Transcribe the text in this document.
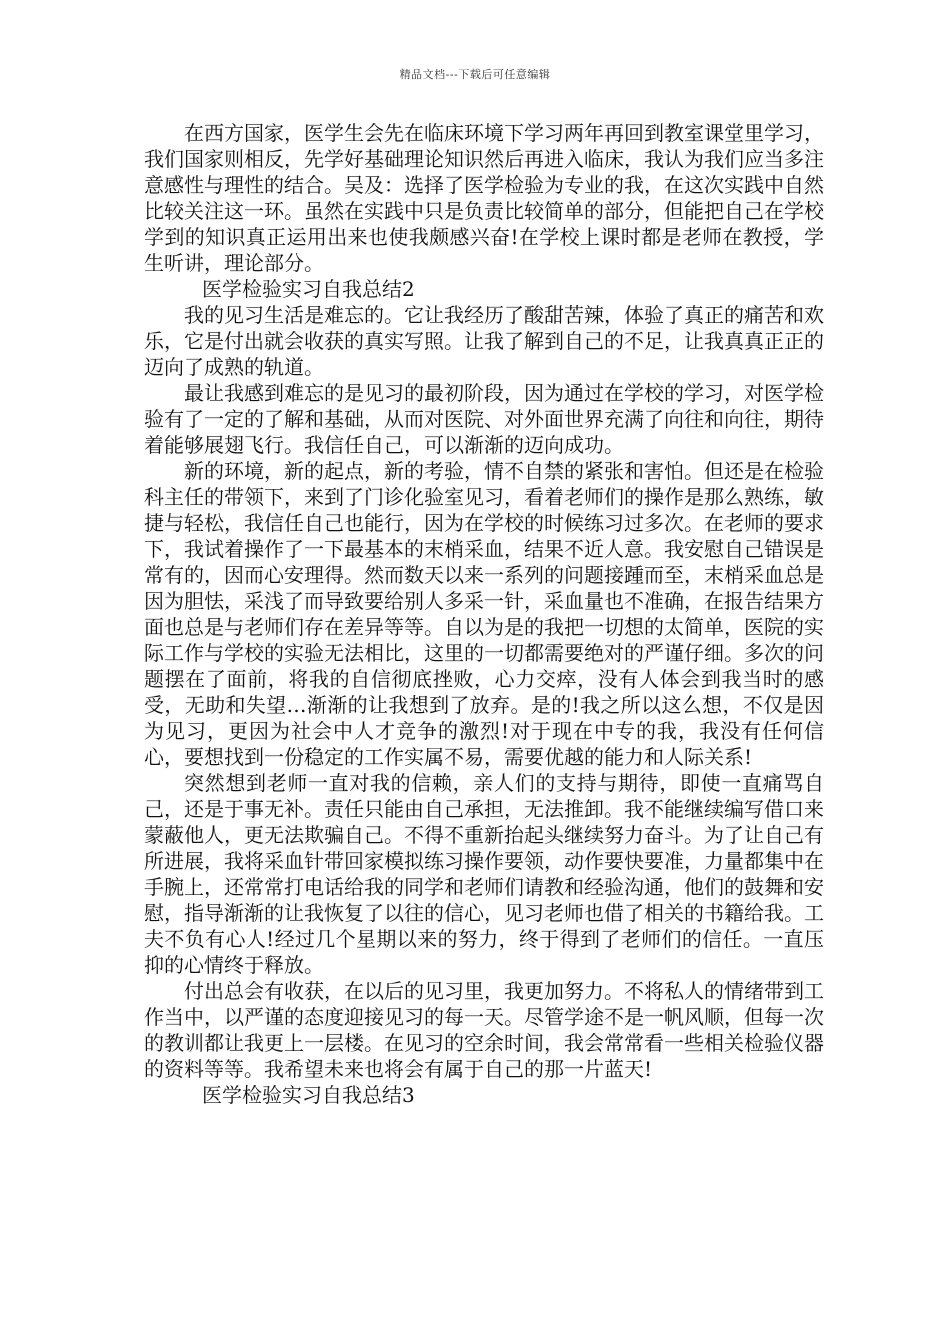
精品文档---下载后可任意编辑

在西方国家，医学生会先在临床环境下学习两年再回到教室课堂里学习，我们国家则相反，先学好基础理论知识然后再进入临床，我认为我们应当多注意感性与理性的结合。吴及：选择了医学检验为专业的我，在这次实践中自然比较关注这一环。虽然在实践中只是负责比较简单的部分，但能把自己在学校学到的知识真正运用出来也使我颇感兴奋!在学校上课时都是老师在教授，学生听讲，理论部分。

医学检验实习自我总结2

我的见习生活是难忘的。它让我经历了酸甜苦辣，体验了真正的痛苦和欢乐，它是付出就会收获的真实写照。让我了解到自己的不足，让我真真正正的迈向了成熟的轨道。

最让我感到难忘的是见习的最初阶段，因为通过在学校的学习，对医学检验有了一定的了解和基础，从而对医院、对外面世界充满了向往和向往，期待着能够展翅飞行。我信任自己，可以渐渐的迈向成功。

新的环境，新的起点，新的考验，情不自禁的紧张和害怕。但还是在检验科主任的带领下，来到了门诊化验室见习，看着老师们的操作是那么熟练，敏捷与轻松，我信任自己也能行，因为在学校的时候练习过多次。在老师的要求下，我试着操作了一下最基本的末梢采血，结果不近人意。我安慰自己错误是常有的，因而心安理得。然而数天以来一系列的问题接踵而至，末梢采血总是因为胆怯，采浅了而导致要给别人多采一针，采血量也不准确，在报告结果方面也总是与老师们存在差异等等。自以为是的我把一切想的太简单，医院的实际工作与学校的实验无法相比，这里的一切都需要绝对的严谨仔细。多次的问题摆在了面前，将我的自信彻底挫败，心力交瘁，没有人体会到我当时的感受，无助和失望…渐渐的让我想到了放弃。是的!我之所以这么想，不仅是因为见习，更因为社会中人才竞争的激烈!对于现在中专的我，我没有任何信心，要想找到一份稳定的工作实属不易，需要优越的能力和人际关系!

突然想到老师一直对我的信赖，亲人们的支持与期待，即使一直痛骂自己，还是于事无补。责任只能由自己承担，无法推卸。我不能继续编写借口来蒙蔽他人，更无法欺骗自己。不得不重新抬起头继续努力奋斗。为了让自己有所进展，我将采血针带回家模拟练习操作要领，动作要快要准，力量都集中在手腕上，还常常打电话给我的同学和老师们请教和经验沟通，他们的鼓舞和安慰，指导渐渐的让我恢复了以往的信心，见习老师也借了相关的书籍给我。工夫不负有心人!经过几个星期以来的努力，终于得到了老师们的信任。一直压抑的心情终于释放。

付出总会有收获，在以后的见习里，我更加努力。不将私人的情绪带到工作当中，以严谨的态度迎接见习的每一天。尽管学途不是一帆风顺，但每一次的教训都让我更上一层楼。在见习的空余时间，我会常常看一些相关检验仪器的资料等等。我希望未来也将会有属于自己的那一片蓝天!

医学检验实习自我总结3
